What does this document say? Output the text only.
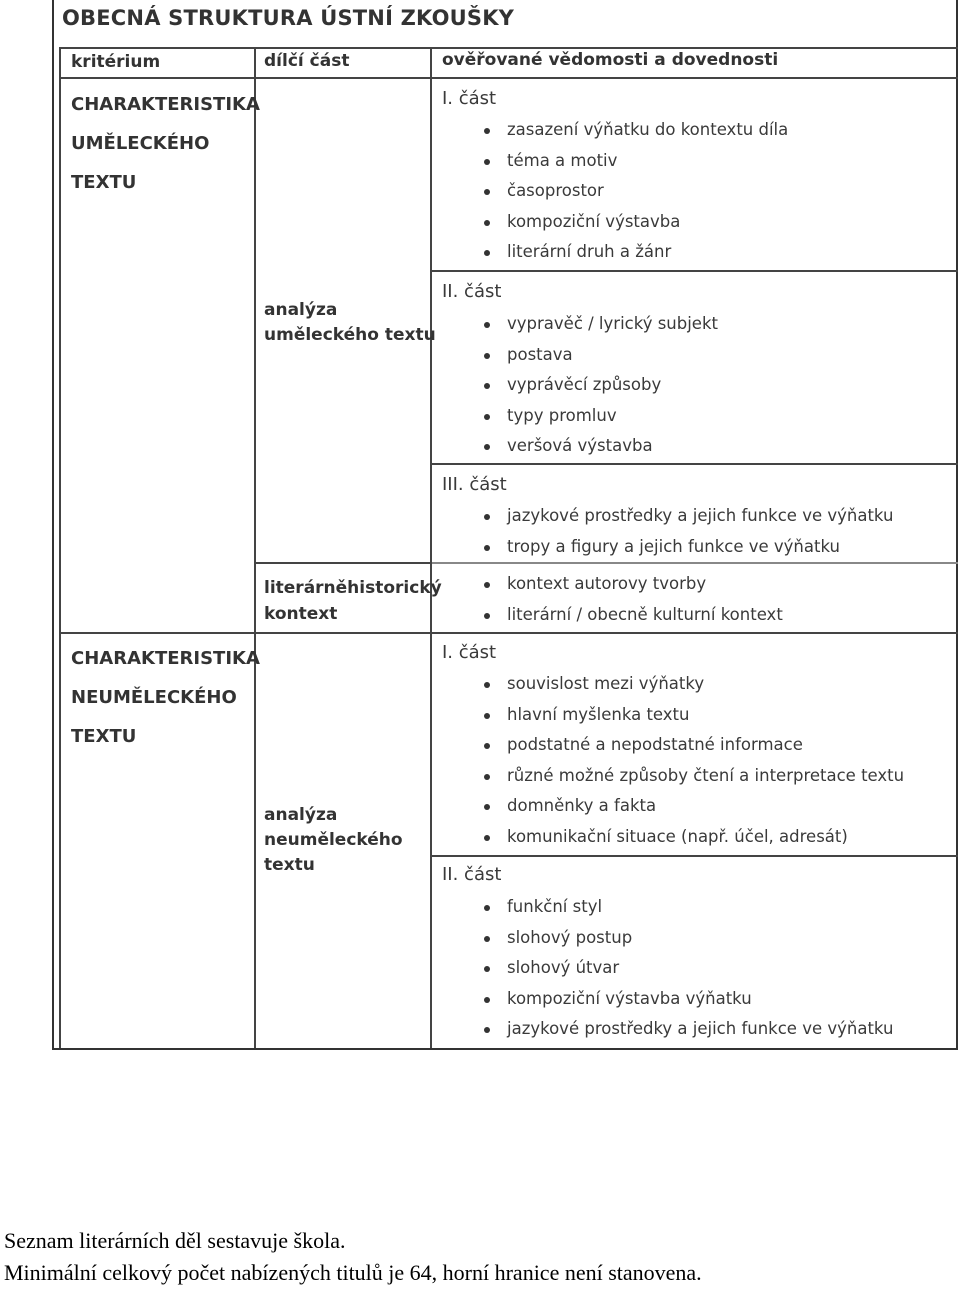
OBECNÁ STRUKTURA ÚSTNÍ ZKOUŠKY
kritérium	dílčí část	ověřované vědomosti a dovednosti
CHARAKTERISTIKA
UMĚLECKÉHO
TEXTU
analýza
uměleckého textu
I. část
zasazení výňatku do kontextu díla
téma a motiv
časoprostor
kompoziční výstavba
literární druh a žánr
II. část
vypravěč / lyrický subjekt
postava
vyprávěcí způsoby
typy promluv
veršová výstavba
III. část
jazykové prostředky a jejich funkce ve výňatku
tropy a figury a jejich funkce ve výňatku
literárněhistorický
kontext
kontext autorovy tvorby
literární / obecně kulturní kontext
CHARAKTERISTIKA
NEUMĚLECKÉHO
TEXTU
analýza
neuměleckého
textu
I. část
souvislost mezi výňatky
hlavní myšlenka textu
podstatné a nepodstatné informace
různé možné způsoby čtení a interpretace textu
domněnky a fakta
komunikační situace (např. účel, adresát)
II. část
funkční styl
slohový postup
slohový útvar
kompoziční výstavba výňatku
jazykové prostředky a jejich funkce ve výňatku
Seznam literárních děl sestavuje škola.
Minimální celkový počet nabízených titulů je 64, horní hranice není stanovena.
